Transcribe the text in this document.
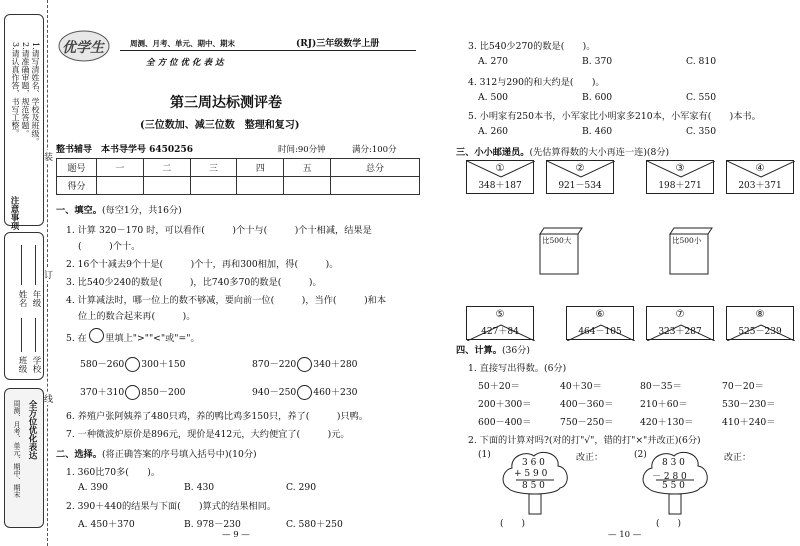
1.请写清姓名、学校及班级。
2.请准确审题，规范答题。
3.请认真作答，书写工整。
注意事项
装
订
线
年级
姓名
学校
班级
全方位优化表达
周测、月考、单元、期中、期末
优学生	周测、月考、单元、期中、期末	(RJ)三年级数学上册
全方位优化表达
第三周达标测评卷
(三位数加、减三位数　整理和复习)
整书辅导　本书导学号 6450256	时间:90分钟	满分:100分
题号	一	二	三	四	五	总分
得分						
一、填空。(每空1分，共16分)
1. 计算 320－170 时，可以看作(　　　)个十与(　　　)个十相减，结果是
(　　　)个十。
2. 16个十减去9个十是(　　　)个十，再和300相加，得(　　　)。
3. 比540少240的数是(　　　)，比740多70的数是(　　　)。
4. 计算减法时，哪一位上的数不够减，要向前一位(　　　)，当作(　　　)和本
位上的数合起来再(　　　)。
5. 在　　里填上">""<"或"="。
580－260 300＋150	870－220 340＋280
370＋310 850－200	940－250 460＋230
6. 养殖户张阿姨养了480只鸡，养的鸭比鸡多150只，养了(　　　)只鸭。
7. 一种微波炉原价是896元，现价是412元，大约便宜了(　　　)元。
二、选择。(将正确答案的序号填入括号中)(10分)
1. 360比70多(　　)。
A. 390	B. 430	C. 290
2. 390＋440的结果与下面(　　)算式的结果相同。
A. 450＋370	B. 978－230	C. 580＋250
— 9 —
3. 比540少270的数是(　　)。
A. 270	B. 370	C. 810
4. 312与290的和大约是(　　)。
A. 500	B. 600	C. 550
5. 小明家有250本书，小军家比小明家多210本，小军家有(　　)本书。
A. 260	B. 460	C. 350
三、小小邮递员。(先估算得数的大小再连一连)(8分)
①
348＋187
②
921－534
③
198＋271
④
203＋371
比500大	比500小
⑤
427＋84
⑥
464－105
⑦
323＋287
⑧
525－239
四、计算。(36分)
1. 直接写出得数。(6分)
50＋20＝	40＋30＝	80－35＝	70－20＝
200＋300＝	400－360＝	210＋60＝	530－230＝
600－400＝	750－250＝	420＋130＝	410＋240＝
2. 下面的计算对吗?(对的打"√"，错的打"×"并改正)(6分)
(1)
3 6 0
+ 5 9 0
8 5 0
改正：
(　　)
(2)
8 3 0
－ 2 8 0
5 5 0
改正：
(　　)
— 10 —
